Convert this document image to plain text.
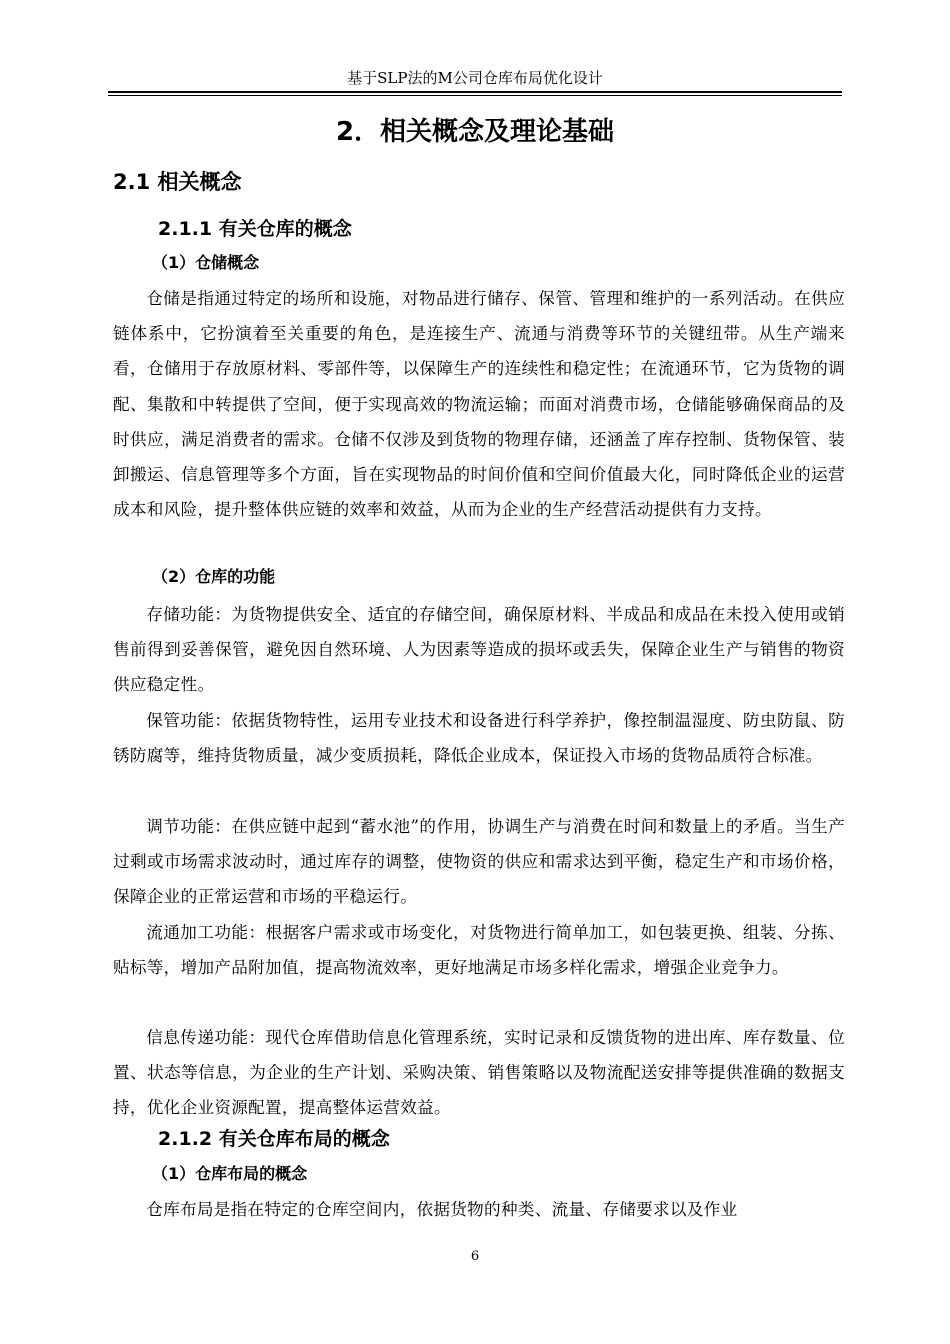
基于SLP法的M公司仓库布局优化设计
2．相关概念及理论基础
2.1 相关概念
2.1.1 有关仓库的概念
（1）仓储概念
仓储是指通过特定的场所和设施，对物品进行储存、保管、管理和维护的一系列活动。在供应链体系中，它扮演着至关重要的角色，是连接生产、流通与消费等环节的关键纽带。从生产端来看，仓储用于存放原材料、零部件等，以保障生产的连续性和稳定性；在流通环节，它为货物的调配、集散和中转提供了空间，便于实现高效的物流运输；而面对消费市场，仓储能够确保商品的及时供应，满足消费者的需求。仓储不仅涉及到货物的物理存储，还涵盖了库存控制、货物保管、装卸搬运、信息管理等多个方面，旨在实现物品的时间价值和空间价值最大化，同时降低企业的运营成本和风险，提升整体供应链的效率和效益，从而为企业的生产经营活动提供有力支持。
（2）仓库的功能
存储功能：为货物提供安全、适宜的存储空间，确保原材料、半成品和成品在未投入使用或销售前得到妥善保管，避免因自然环境、人为因素等造成的损坏或丢失，保障企业生产与销售的物资供应稳定性。
保管功能：依据货物特性，运用专业技术和设备进行科学养护，像控制温湿度、防虫防鼠、防锈防腐等，维持货物质量，减少变质损耗，降低企业成本，保证投入市场的货物品质符合标准。
调节功能：在供应链中起到“蓄水池”的作用，协调生产与消费在时间和数量上的矛盾。当生产过剩或市场需求波动时，通过库存的调整，使物资的供应和需求达到平衡，稳定生产和市场价格，保障企业的正常运营和市场的平稳运行。
流通加工功能：根据客户需求或市场变化，对货物进行简单加工，如包装更换、组装、分拣、贴标等，增加产品附加值，提高物流效率，更好地满足市场多样化需求，增强企业竞争力。
信息传递功能：现代仓库借助信息化管理系统，实时记录和反馈货物的进出库、库存数量、位置、状态等信息，为企业的生产计划、采购决策、销售策略以及物流配送安排等提供准确的数据支持，优化企业资源配置，提高整体运营效益。
2.1.2 有关仓库布局的概念
（1）仓库布局的概念
仓库布局是指在特定的仓库空间内，依据货物的种类、流量、存储要求以及作业
6
